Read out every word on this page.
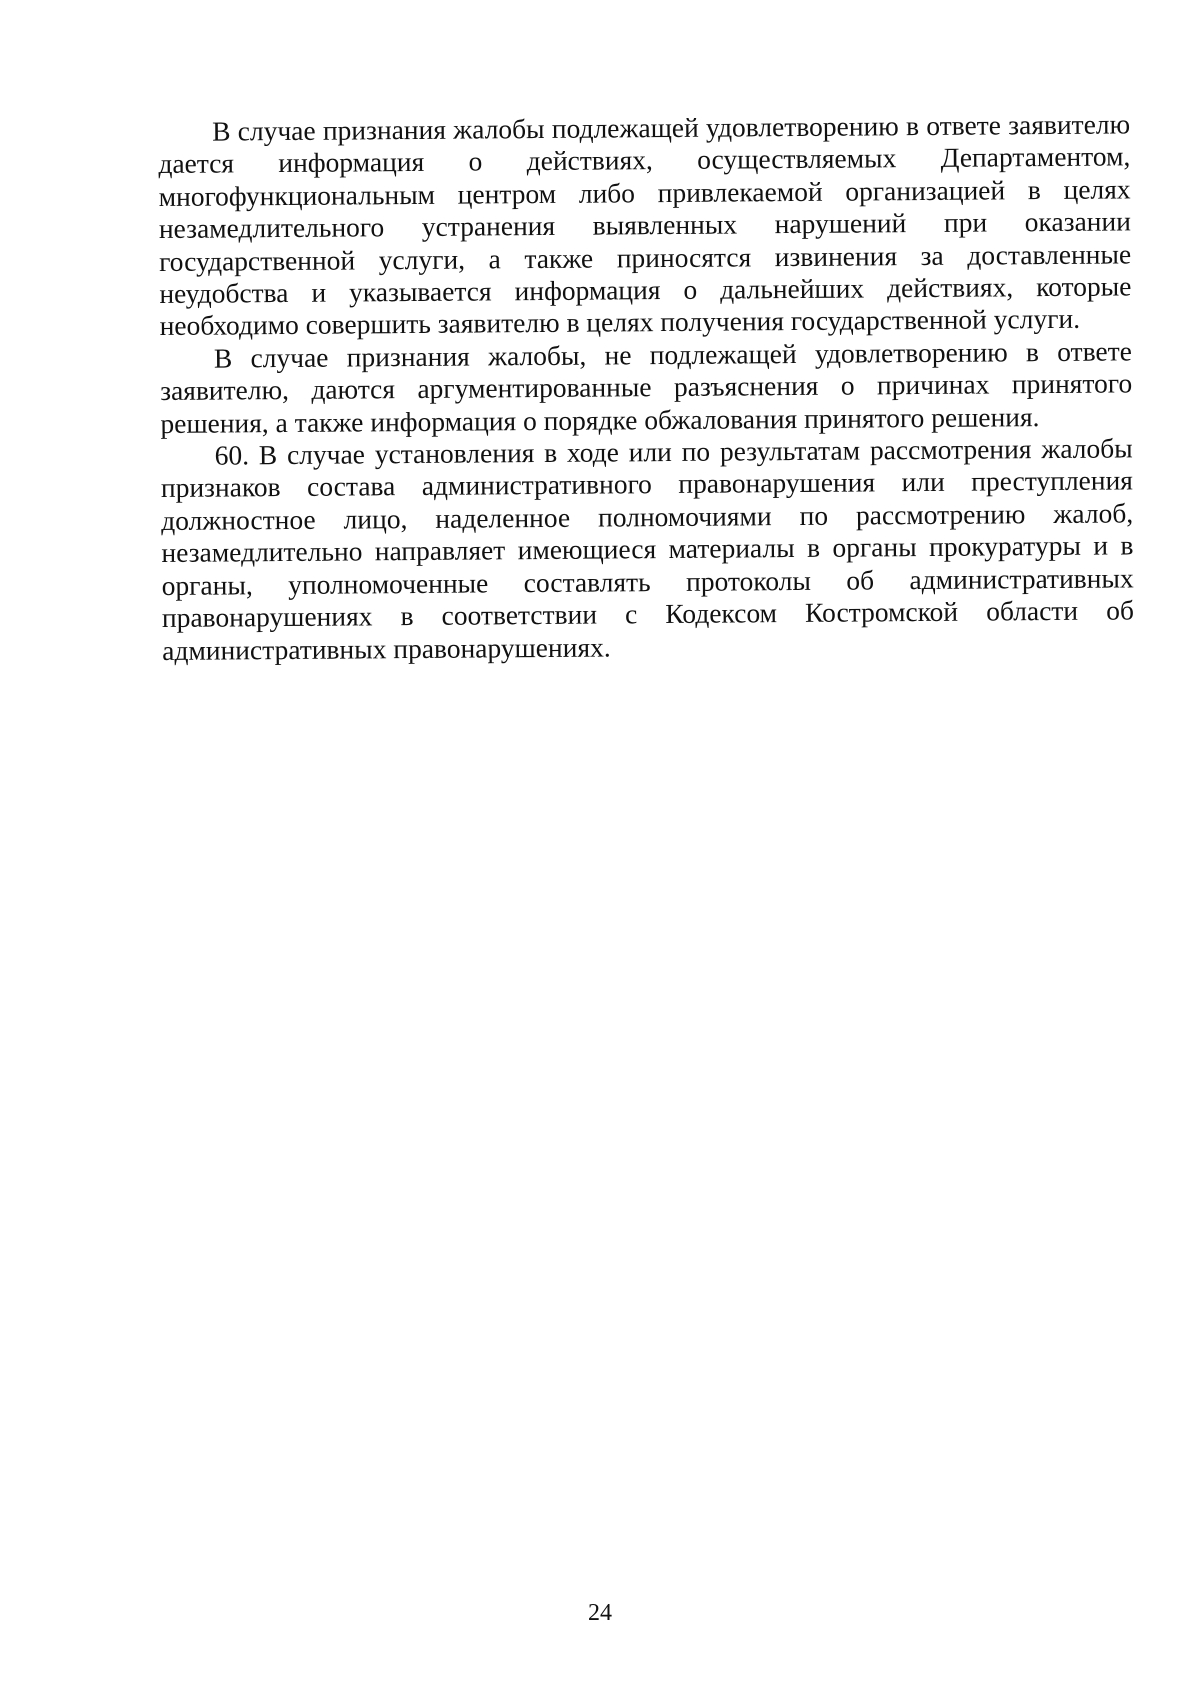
В случае признания жалобы подлежащей удовлетворению в ответе заявителю дается информация о действиях, осуществляемых Департаментом, многофункциональным центром либо привлекаемой организацией в целях незамедлительного устранения выявленных нарушений при оказании государственной услуги, а также приносятся извинения за доставленные неудобства и указывается информация о дальнейших действиях, которые необходимо совершить заявителю в целях получения государственной услуги.

В случае признания жалобы, не подлежащей удовлетворению в ответе заявителю, даются аргументированные разъяснения о причинах принятого решения, а также информация о порядке обжалования принятого решения.

60. В случае установления в ходе или по результатам рассмотрения жалобы признаков состава административного правонарушения или преступления должностное лицо, наделенное полномочиями по рассмотрению жалоб, незамедлительно направляет имеющиеся материалы в органы прокуратуры и в органы, уполномоченные составлять протоколы об административных правонарушениях в соответствии с Кодексом Костромской области об административных правонарушениях.

24
